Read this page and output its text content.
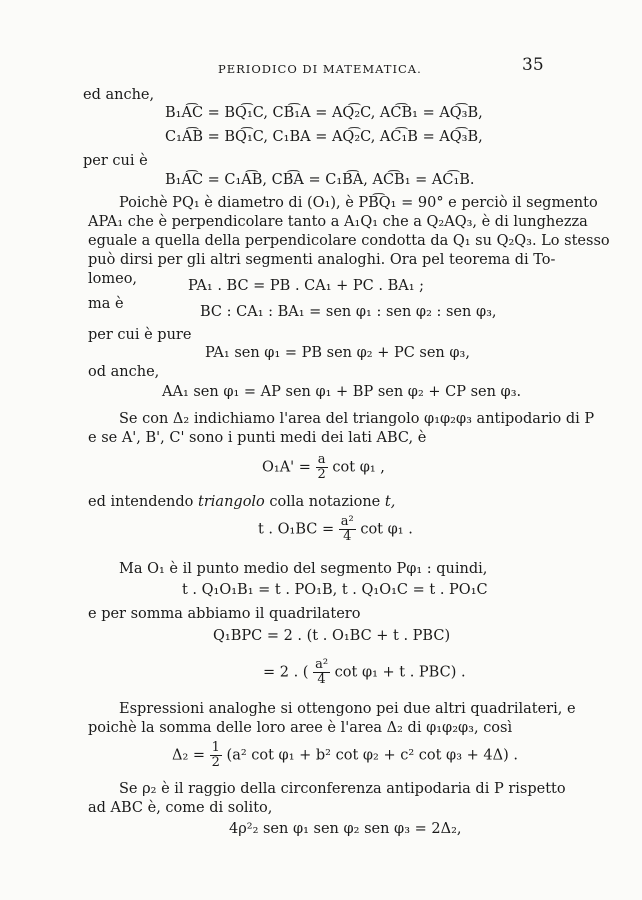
PERIODICO DI MATEMATICA.	35
ed anche,
B₁A͡C = BQ͡₁C, CB͡₁A = AQ͡₂C, AC͡B₁ = AQ͡₃B,
C₁A͡B = BQ͡₁C, C₁BA = AQ͡₂C, AC͡₁B = AQ͡₃B,
per cui è
B₁A͡C = C₁A͡B, CB͡A = C₁B͡A, AC͡B₁ = AC͡₁B.
Poichè PQ₁ è diametro di (O₁), è PB͡Q₁ = 90° e perciò il segmento
APA₁ che è perpendicolare tanto a A₁Q₁ che a Q₂AQ₃, è di lunghezza
eguale a quella della perpendicolare condotta da Q₁ su Q₂Q₃. Lo stesso
può dirsi per gli altri segmenti analoghi. Ora pel teorema di To-
lomeo,	PA₁ . BC = PB . CA₁ + PC . BA₁ ;
ma è	BC : CA₁ : BA₁ = sen φ₁ : sen φ₂ : sen φ₃,
per cui è pure
PA₁ sen φ₁ = PB sen φ₂ + PC sen φ₃,
od anche,
AA₁ sen φ₁ = AP sen φ₁ + BP sen φ₂ + CP sen φ₃.
Se con Δ₂ indichiamo l'area del triangolo φ₁φ₂φ₃ antipodario di P
e se A', B', C' sono i punti medi dei lati ABC, è
$O_1A' = \frac{a}{2}$ cot φ₁ ,
ed intendendo triangolo colla notazione t,
t . $O_1BC = \frac{\text{a²}}{4}$ cot φ₁ .
Ma O₁ è il punto medio del segmento Pφ₁ : quindi,
t . Q₁O₁B₁ = t . PO₁B, t . Q₁O₁C = t . PO₁C
e per somma abbiamo il quadrilatero
Q₁BPC = 2 . (t . O₁BC + t . PBC)
= 2 . ( $\frac{\text{a²}}{4}$ cot φ₁ + t . PBC) .
Espressioni analoghe si ottengono pei due altri quadrilateri, e
poichè la somma delle loro aree è l'area Δ₂ di φ₁φ₂φ₃, così
$\Delta_2 = \frac{1}{2} (a^2$ cot φ₁ + b² cot φ₂ + c² cot φ₃ + 4Δ) .
Se ρ₂ è il raggio della circonferenza antipodaria di P rispetto
ad ABC è, come di solito,
4ρ²₂ sen φ₁ sen φ₂ sen φ₃ = 2Δ₂,
